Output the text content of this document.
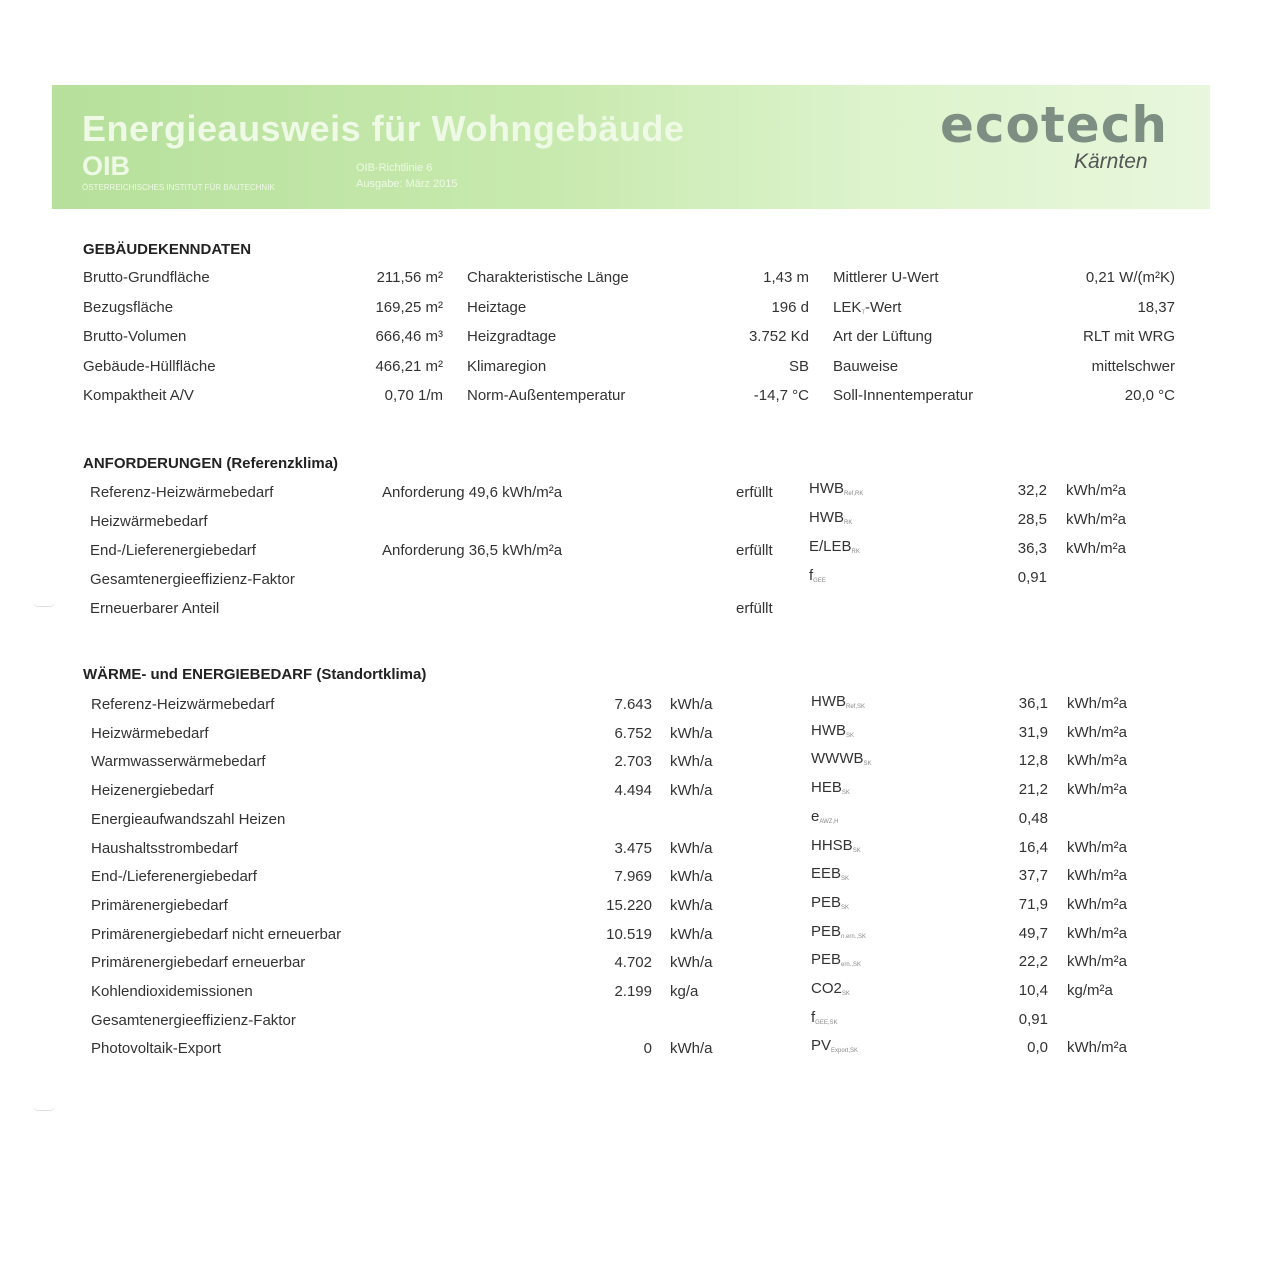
Energieausweis für Wohngebäude
OIB
ÖSTERREICHISCHES INSTITUT FÜR BAUTECHNIK
OIB-Richtlinie 6
Ausgabe: März 2015
ecotech
Kärnten
GEBÄUDEKENNDATEN
ANFORDERUNGEN (Referenzklima)
WÄRME- und ENERGIEBEDARF (Standortklima)
Brutto-Grundfläche	211,56 m² Charakteristische Länge	1,43 m Mittlerer U-Wert	0,21 W/(m²K)
Bezugsfläche	169,25 m² Heiztage	196 d $LEK_T$-Wert	18,37
Brutto-Volumen	666,46 m³ Heizgradtage	3.752 Kd Art der Lüftung	RLT mit WRG
Gebäude-Hüllfläche	466,21 m² Klimaregion	SB Bauweise	mittelschwer
Kompaktheit A/V	0,70 1/m Norm-Außentemperatur	-14,7 °C Soll-Innentemperatur	20,0 °C
Referenz-Heizwärmebedarf	Anforderung 49,6 kWh/m²a	erfüllt $HWB_{Ref,RK}$	32,2 kWh/m²a
Heizwärmebedarf	$HWB_{RK}$	28,5 kWh/m²a
End-/Lieferenergiebedarf	Anforderung 36,5 kWh/m²a	erfüllt $E/LEB_{RK}$	36,3 kWh/m²a
Gesamtenergieeffizienz-Faktor	$f_{GEE}$	0,91
Erneuerbarer Anteil	erfüllt
Referenz-Heizwärmebedarf	7.643 kWh/a	$HWB_{Ref,SK}$	36,1 kWh/m²a
Heizwärmebedarf	6.752 kWh/a	$HWB_{SK}$	31,9 kWh/m²a
Warmwasserwärmebedarf	2.703 kWh/a	$WWWB_{SK}$	12,8 kWh/m²a
Heizenergiebedarf	4.494 kWh/a	$HEB_{SK}$	21,2 kWh/m²a
Energieaufwandszahl Heizen	$e_{AWZ,H}$	0,48
Haushaltsstrombedarf	3.475 kWh/a	$HHSB_{SK}$	16,4 kWh/m²a
End-/Lieferenergiebedarf	7.969 kWh/a	$EEB_{SK}$	37,7 kWh/m²a
Primärenergiebedarf	15.220 kWh/a	$PEB_{SK}$	71,9 kWh/m²a
Primärenergiebedarf nicht erneuerbar	10.519 kWh/a	$PEB_{n.ern.,SK}$	49,7 kWh/m²a
Primärenergiebedarf erneuerbar	4.702 kWh/a	$PEB_{ern.,SK}$	22,2 kWh/m²a
Kohlendioxidemissionen	2.199 kg/a	$CO2_{SK}$	10,4 kg/m²a
Gesamtenergieeffizienz-Faktor	$f_{GEE,SK}$	0,91
Photovoltaik-Export	0 kWh/a	$PV_{Export,SK}$	0,0 kWh/m²a
